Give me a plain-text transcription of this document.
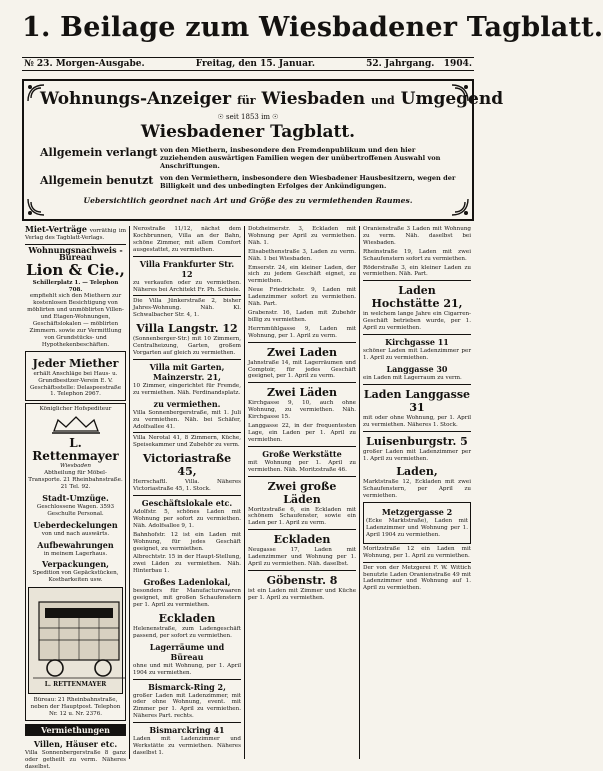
1. Beilage zum Wiesbadener Tagblatt.
№ 23. Morgen-Ausgabe.	Freitag, den 15. Januar.	52. Jahrgang. 1904.
Wohnungs-Anzeiger für Wiesbaden und Umgegend
☉ seit 1853 im ☉
Wiesbadener Tagblatt.
Allgemein verlangt von den Miethern, insbesondere den Fremdenpublikum und den hier zuziehenden auswärtigen Familien wegen der unübertroffenen Auswahl von Anschriftungen.
Allgemein benutzt	von den Vermiethern, insbesondere den Wiesbadener Hausbesitzern, wegen der Billigkeit und des unbedingten Erfolges der Ankündigungen.
Uebersichtlich geordnet nach Art und Größe des zu vermiethenden Raumes.
Miet-Verträge vorräthig im Verlag des Tagblatt-Verlags.
Wohnungsnachweis - Bureau
Lion & Cie.,
Schillerplatz 1. — Telephon 708.
empfiehlt sich den Miethern zur kostenlosen Besichtigung von möblirten und unmöblirten Villen- und Etagen-Wohnungen, Geschäftslokalen — möblirten Zimmern. sowie zur Vermittlung von Grundstücks- und Hypothekenbeschäften.
Jeder Miether
erhält Anschläge bei Haus- u. Grundbesitzer-Verein E. V. Geschäftsstelle: Delaspeestraße 1. Telephon 2967.
Königlicher Hofspediteur
L. Rettenmayer
Wiesbaden
Abtheilung für Möbel-Transporte. 21 Rheinbahnstraße. 21 Tel. 92.
Stadt-Umzüge.
Geschlossene Wagen. 3593 Geschulte Personal.
Ueberdeckelungen
von und nach auswärts.
Aufbewahrungen
in meinem Lagerhaus.
Verpackungen,
Spedition von Gepäckstücken, Kostbarkeiten usw.
L. RETTENMAYER
Büreau: 21 Rheinbahnstraße, neben der Hauptpost. Telephon Nr. 12 u. Nr. 2376.
Vermiethungen
Villen, Häuser etc.
Villa Sonnenbergerstraße 8 ganz oder getheilt zu verm. Näheres daselbst.
Nerostraße 11/12, nächst dem Kochbrunnen, Villa an der Bahn, schöne Zimmer, mit allem Comfort ausgestattet, zu vermiethen.
Villa Frankfurter Str. 12
zu verkaufen oder zu vermiethen. Näheres bei Architekt Fr. Ph. Schiele.
Die Villa Jünkerstraße 2, bisher Jahres-Wohnung. Näh. Kl. Schwalbacher Str. 4, 1.
Villa Langstr. 12
(Sonnenberger-Str.) mit 10 Zimmern, Centralheizung, Garten, großem Vorgarten auf gleich zu vermiethen.
Villa mit Garten, Mainzerstr. 21,
10 Zimmer, eingerichtet für Fremde, zu vermiethen. Näh. Ferdinandsplatz.
zu vermiethen.
Villa Sonnenbergerstraße, mit 1. Juli zu vermiethen. Näh. bei Schäfer, Adolfsallee 41.
Villa Nerotal 41, 8 Zimmern, Küche, Speisekammer und Zubehör zu verm.
Victoriastraße 45,
Herrschaftl. Villa. Näheres Victoriastraße 45, 1. Stock.
Geschäftslokale etc.
Adolfstr. 5, schönes Laden mit Wohnung per sofort zu vermiethen. Näh. Adolfsallee 9, 1.
Bahnhofstr. 12 ist ein Laden mit Wohnung, für jedes Geschäft geeignet, zu vermiethen.
Albrechtstr. 15 in der Haupt-Stellung, zwei Läden zu vermiethen. Näh. Hinterbau 1.
Großes Ladenlokal,
besonders für Manufacturwaaren geeignet, mit großen Schaufenstern per 1. April zu vermiethen.
Eckladen
Helenenstraße, zum Ladengeschäft passend, per sofort zu vermiethen.
Lagerräume und Büreau
ohne und mit Wohnung, per 1. April 1904 zu vermiethen.
Bismarck-Ring 2,
großer Laden mit Ladenzimmer, mit oder ohne Wohnung, event. mit Zimmer per 1. April zu vermiethen. Näheres Part. rechts.
Bismarckring 41
Laden mit Ladenzimmer und Werkstätte zu vermiethen. Näheres daselbst 1.
Dotzheimerstr. 3, Eckladen mit Wohnung per April zu vermiethen. Näh. 1.
Elisabethenstraße 3, Laden zu verm. Näh. 1 bei Wiesbaden.
Emserstr. 24, ein kleiner Laden, der sich zu jedem Geschäft eignet, zu vermiethen.
Neue Friedrichstr. 9, Laden mit Ladenzimmer sofort zu vermiethen. Näh. Part.
Grabenstr. 16, Laden mit Zubehör billig zu vermiethen.
Herrnmühlgasse 9, Laden mit Wohnung, per 1. April zu verm.
Zwei Laden
Jahnstraße 14, mit Lagerräumen und Comptoir, für jedes Geschäft geeignet, per 1. April zu verm.
Zwei Läden
Kirchgasse 9, 10, auch ohne Wohnung, zu vermiethen. Näh. Kirchgasse 15.
Langgasse 22, in der frequentesten Lage, ein Laden per 1. April zu vermiethen.
Große Werkstätte
mit Wohnung per 1. April zu vermiethen. Näh. Moritzstraße 46.
Zwei große Läden
Moritzstraße 6, ein Eckladen mit schönem Schaufenster, sowie ein Laden per 1. April zu verm.
Eckladen
Neugasse 17, Laden mit Ladenzimmer und Wohnung per 1. April zu vermiethen. Näh. daselbst.
Göbenstr. 8
ist ein Laden mit Zimmer und Küche per 1. April zu vermiethen.
Oranienstraße 3 Laden mit Wohnung zu verm. Näh. daselbst bei Wiesbaden.
Rheinstraße 19, Laden mit zwei Schaufenstern sofort zu vermiethen.
Röderstraße 3, ein kleiner Laden zu vermiethen. Näh. Part.
Laden Hochstätte 21,
in welchem lange Jahre ein Cigarren-Geschäft betrieben wurde, per 1. April zu vermiethen.
Kirchgasse 11
schöner Laden mit Ladenzimmer per 1. April zu vermiethen.
Langgasse 30
ein Laden mit Lagerraum zu verm.
Laden Langgasse 31
mit oder ohne Wohnung, per 1. April zu vermiethen. Näheres 1. Stock.
Luisenburgstr. 5
großer Laden mit Ladenzimmer per 1. April zu vermiethen.
Laden,
Marktstraße 12, Eckladen mit zwei Schaufenstern, per April zu vermiethen.
Metzgergasse 2
(Ecke Marktstraße), Laden mit Ladenzimmer und Wohnung per 1. April 1904 zu vermiethen.
Moritzstraße 12 ein Laden mit Wohnung, per 1. April zu vermiethen.
Der von der Metzgerei F. W. Wittich benutzte Laden Oranienstraße 49 mit Ladenzimmer und Wohnung auf 1. April zu vermiethen.
